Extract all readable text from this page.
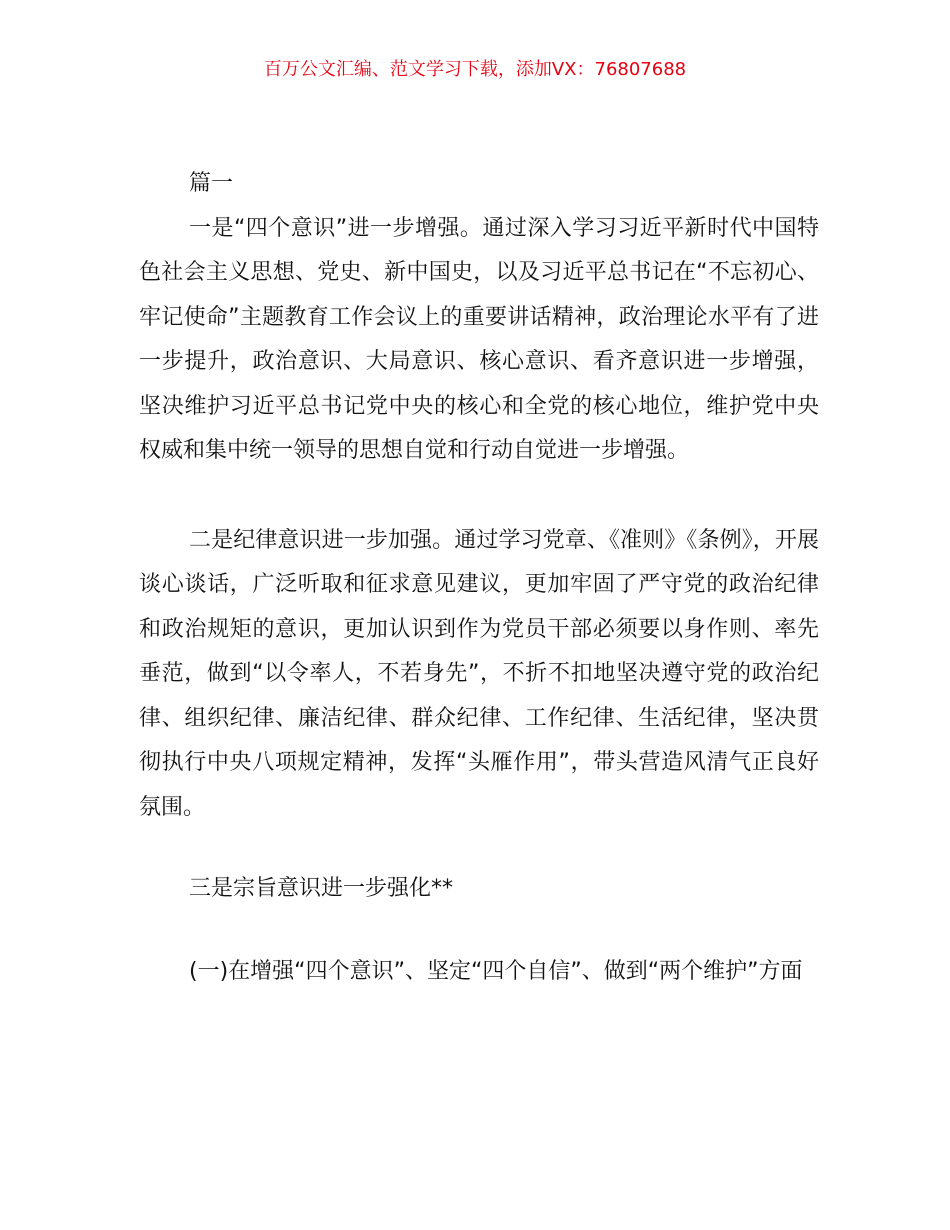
百万公文汇编、范文学习下载，添加VX：76807688

篇一

一是“四个意识”进一步增强。通过深入学习习近平新时代中国特色社会主义思想、党史、新中国史，以及习近平总书记在“不忘初心、牢记使命”主题教育工作会议上的重要讲话精神，政治理论水平有了进一步提升，政治意识、大局意识、核心意识、看齐意识进一步增强，坚决维护习近平总书记党中央的核心和全党的核心地位，维护党中央权威和集中统一领导的思想自觉和行动自觉进一步增强。

二是纪律意识进一步加强。通过学习党章、《准则》《条例》，开展谈心谈话，广泛听取和征求意见建议，更加牢固了严守党的政治纪律和政治规矩的意识，更加认识到作为党员干部必须要以身作则、率先垂范，做到“以令率人，不若身先”，不折不扣地坚决遵守党的政治纪律、组织纪律、廉洁纪律、群众纪律、工作纪律、生活纪律，坚决贯彻执行中央八项规定精神，发挥“头雁作用”，带头营造风清气正良好氛围。

三是宗旨意识进一步强化**

(一)在增强“四个意识”、坚定“四个自信”、做到“两个维护”方面
